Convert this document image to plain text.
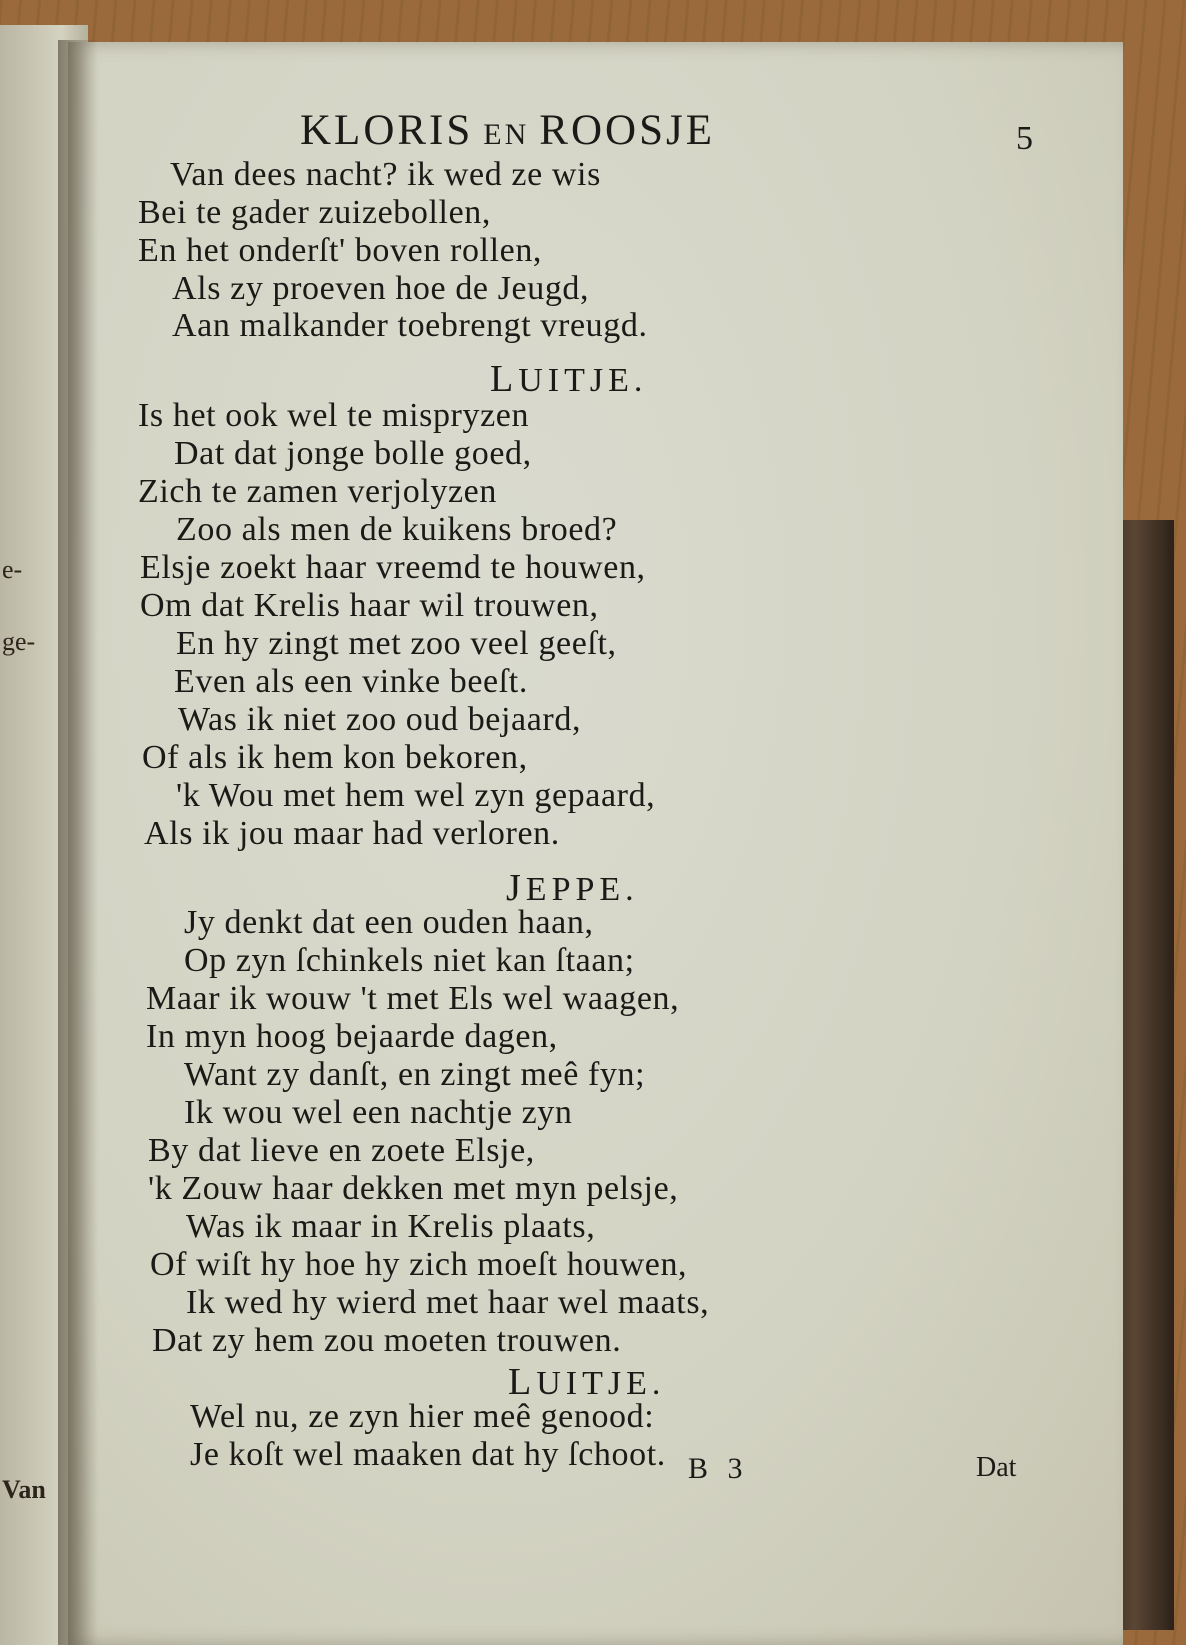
e-
ge-
Van
KLORIS EN ROOSJE	5
Van dees nacht? ik wed ze wis
Bei te gader zuizebollen,
En het onderſt' boven rollen,
Als zy proeven hoe de Jeugd,
Aan malkander toebrengt vreugd.
LUITJE.
Is het ook wel te mispryzen
Dat dat jonge bolle goed,
Zich te zamen verjolyzen
Zoo als men de kuikens broed?
Elsje zoekt haar vreemd te houwen,
Om dat Krelis haar wil trouwen,
En hy zingt met zoo veel geeſt,
Even als een vinke beeſt.
Was ik niet zoo oud bejaard,
Of als ik hem kon bekoren,
'k Wou met hem wel zyn gepaard,
Als ik jou maar had verloren.
JEPPE.
Jy denkt dat een ouden haan,
Op zyn ſchinkels niet kan ſtaan;
Maar ik wouw 't met Els wel waagen,
In myn hoog bejaarde dagen,
Want zy danſt, en zingt meê fyn;
Ik wou wel een nachtje zyn
By dat lieve en zoete Elsje,
'k Zouw haar dekken met myn pelsje,
Was ik maar in Krelis plaats,
Of wiſt hy hoe hy zich moeſt houwen,
Ik wed hy wierd met haar wel maats,
Dat zy hem zou moeten trouwen.
LUITJE.
Wel nu, ze zyn hier meê genood:
Je koſt wel maaken dat hy ſchoot. B 3	Dat
